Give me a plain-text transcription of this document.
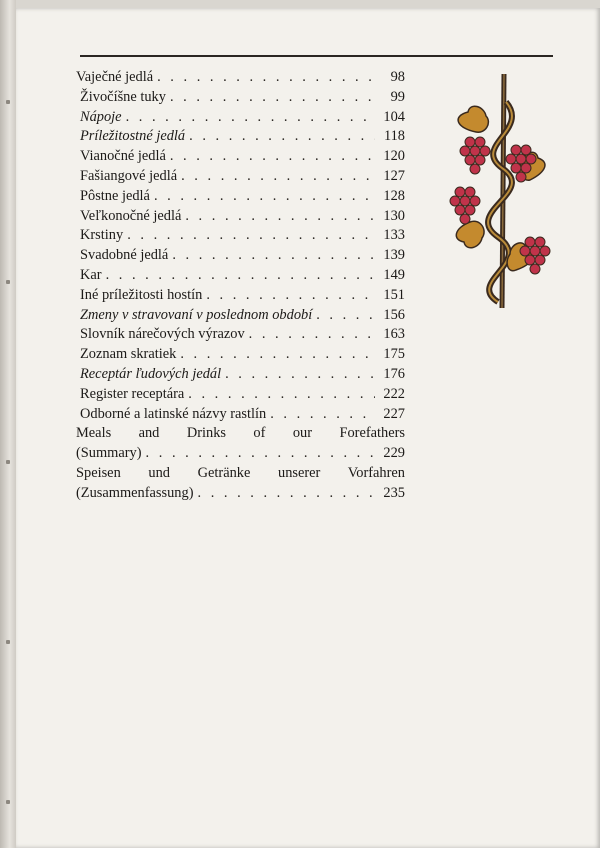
Vaječné jedlá . . .	98
Živočíšne tuky . . .	99
Nápoje . . .	104
Príležitostné jedlá . . .	118
Vianočné jedlá . . .	120
Fašiangové jedlá . . .	127
Pôstne jedlá . . .	128
Veľkonočné jedlá . . .	130
Krstiny . . .	133
Svadobné jedlá . . .	139
Kar . . .	149
Iné príležitosti hostín . . .	151
Zmeny v stravovaní v poslednom období . . .	156
Slovník nárečových výrazov . . .	163
Zoznam skratiek . . .	175
Receptár ľudových jedál . . .	176
Register receptára . . .	222
Odborné a latinské názvy rastlín . . .	227
Meals and Drinks of our Forefathers
(Summary) . . .	229
Speisen und Getränke unserer Vorfahren
(Zusammenfassung) . . .	235
